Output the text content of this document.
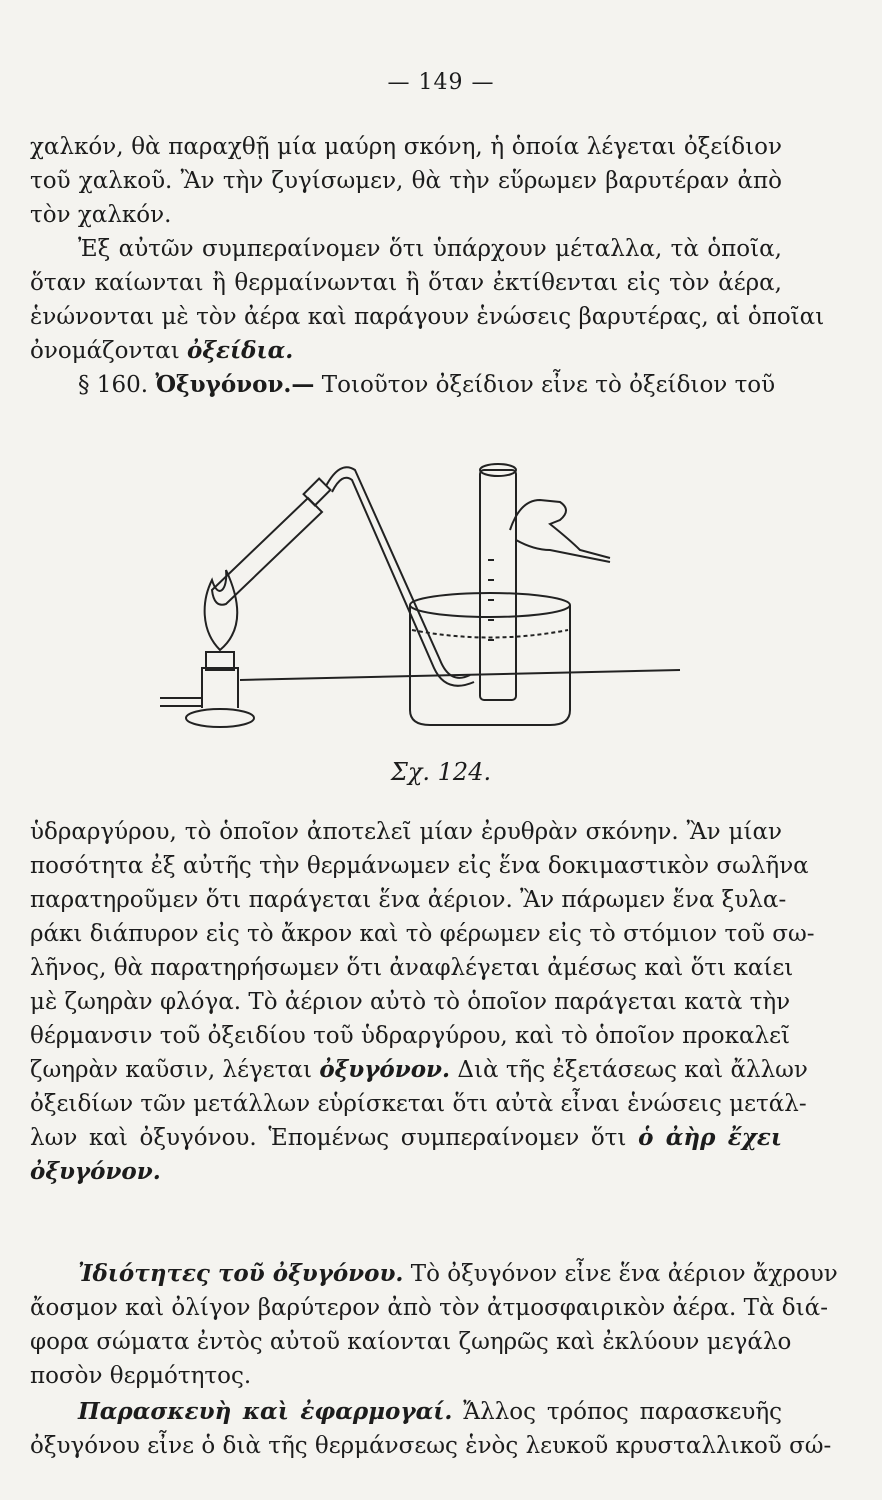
— 149 —
χαλκόν, θὰ παραχθῇ μία μαύρη σκόνη, ἡ ὁποία λέγεται ὀξείδιον
τοῦ χαλκοῦ. Ἂν τὴν ζυγίσωμεν, θὰ τὴν εὕρωμεν βαρυτέραν ἀπὸ
τὸν χαλκόν.
Ἐξ αὐτῶν συμπεραίνομεν ὅτι ὑπάρχουν μέταλλα, τὰ ὁποῖα,
ὅταν καίωνται ἢ θερμαίνωνται ἢ ὅταν ἐκτίθενται εἰς τὸν ἀέρα,
ἑνώνονται μὲ τὸν ἀέρα καὶ παράγουν ἑνώσεις βαρυτέρας, αἱ ὁποῖαι
ὀνομάζονται ὀξείδια.
§ 160. Ὀξυγόνον.— Τοιοῦτον ὀξείδιον εἶνε τὸ ὀξείδιον τοῦ
Σχ. 124.
ὑδραργύρου, τὸ ὁποῖον ἀποτελεῖ μίαν ἐρυθρὰν σκόνην. Ἂν μίαν
ποσότητα ἐξ αὐτῆς τὴν θερμάνωμεν εἰς ἕνα δοκιμαστικὸν σωλῆνα
παρατηροῦμεν ὅτι παράγεται ἕνα ἀέριον. Ἂν πάρωμεν ἕνα ξυλα-
ράκι διάπυρον εἰς τὸ ἄκρον καὶ τὸ φέρωμεν εἰς τὸ στόμιον τοῦ σω-
λῆνος, θὰ παρατηρήσωμεν ὅτι ἀναφλέγεται ἀμέσως καὶ ὅτι καίει
μὲ ζωηρὰν φλόγα. Τὸ ἀέριον αὐτὸ τὸ ὁποῖον παράγεται κατὰ τὴν
θέρμανσιν τοῦ ὀξειδίου τοῦ ὑδραργύρου, καὶ τὸ ὁποῖον προκαλεῖ
ζωηρὰν καῦσιν, λέγεται ὀξυγόνον. Διὰ τῆς ἐξετάσεως καὶ ἄλλων
ὀξειδίων τῶν μετάλλων εὑρίσκεται ὅτι αὐτὰ εἶναι ἑνώσεις μετάλ-
λων καὶ ὀξυγόνου. Ἑπομένως συμπεραίνομεν ὅτι ὁ ἀὴρ ἔχει
ὀξυγόνον.
Ἰδιότητες τοῦ ὀξυγόνου. Τὸ ὀξυγόνον εἶνε ἕνα ἀέριον ἄχρουν
ἄοσμον καὶ ὀλίγον βαρύτερον ἀπὸ τὸν ἀτμοσφαιρικὸν ἀέρα. Τὰ διά-
φορα σώματα ἐντὸς αὐτοῦ καίονται ζωηρῶς καὶ ἐκλύουν μεγάλο
ποσὸν θερμότητος.
Παρασκευὴ καὶ ἐφαρμογαί. Ἄλλος τρόπος παρασκευῆς
ὀξυγόνου εἶνε ὁ διὰ τῆς θερμάνσεως ἑνὸς λευκοῦ κρυσταλλικοῦ σώ-
